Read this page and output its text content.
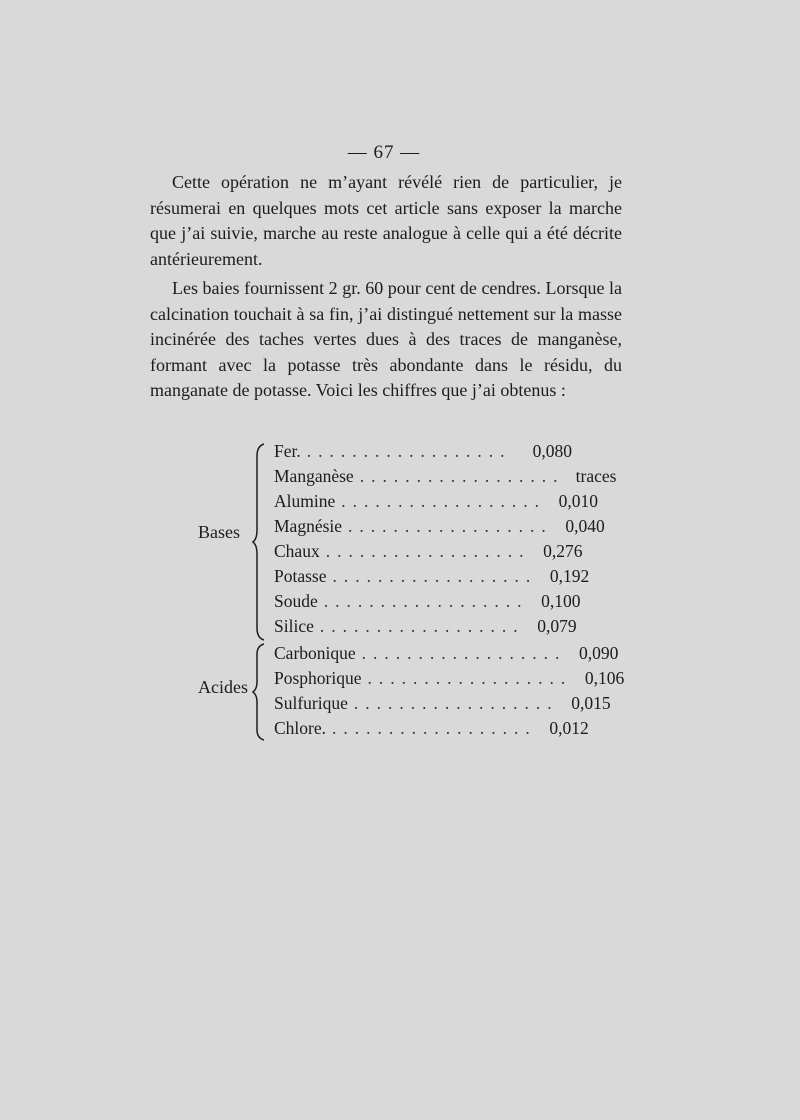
— 67 —

Cette opération ne m’ayant révélé rien de particulier, je résumerai en quelques mots cet article sans exposer la marche que j’ai suivie, marche au reste analogue à celle qui a été décrite antérieurement.

Les baies fournissent 2 gr. 60 pour cent de cendres. Lorsque la calcination touchait à sa fin, j’ai distingué nettement sur la masse incinérée des taches vertes dues à des traces de manganèse, formant avec la potasse très abondante dans le résidu, du manganate de potasse. Voici les chiffres que j’ai obtenus :

Bases
Fer. ..................	0,080
Manganèse .................. traces
Alumine .................. 0,010
Magnésie .................. 0,040
Chaux .................. 0,276
Potasse .................. 0,192
Soude .................. 0,100
Silice .................. 0,079
Acides
Carbonique .................. 0,090
Posphorique .................. 0,106
Sulfurique .................. 0,015
Chlore. .................. 0,012
